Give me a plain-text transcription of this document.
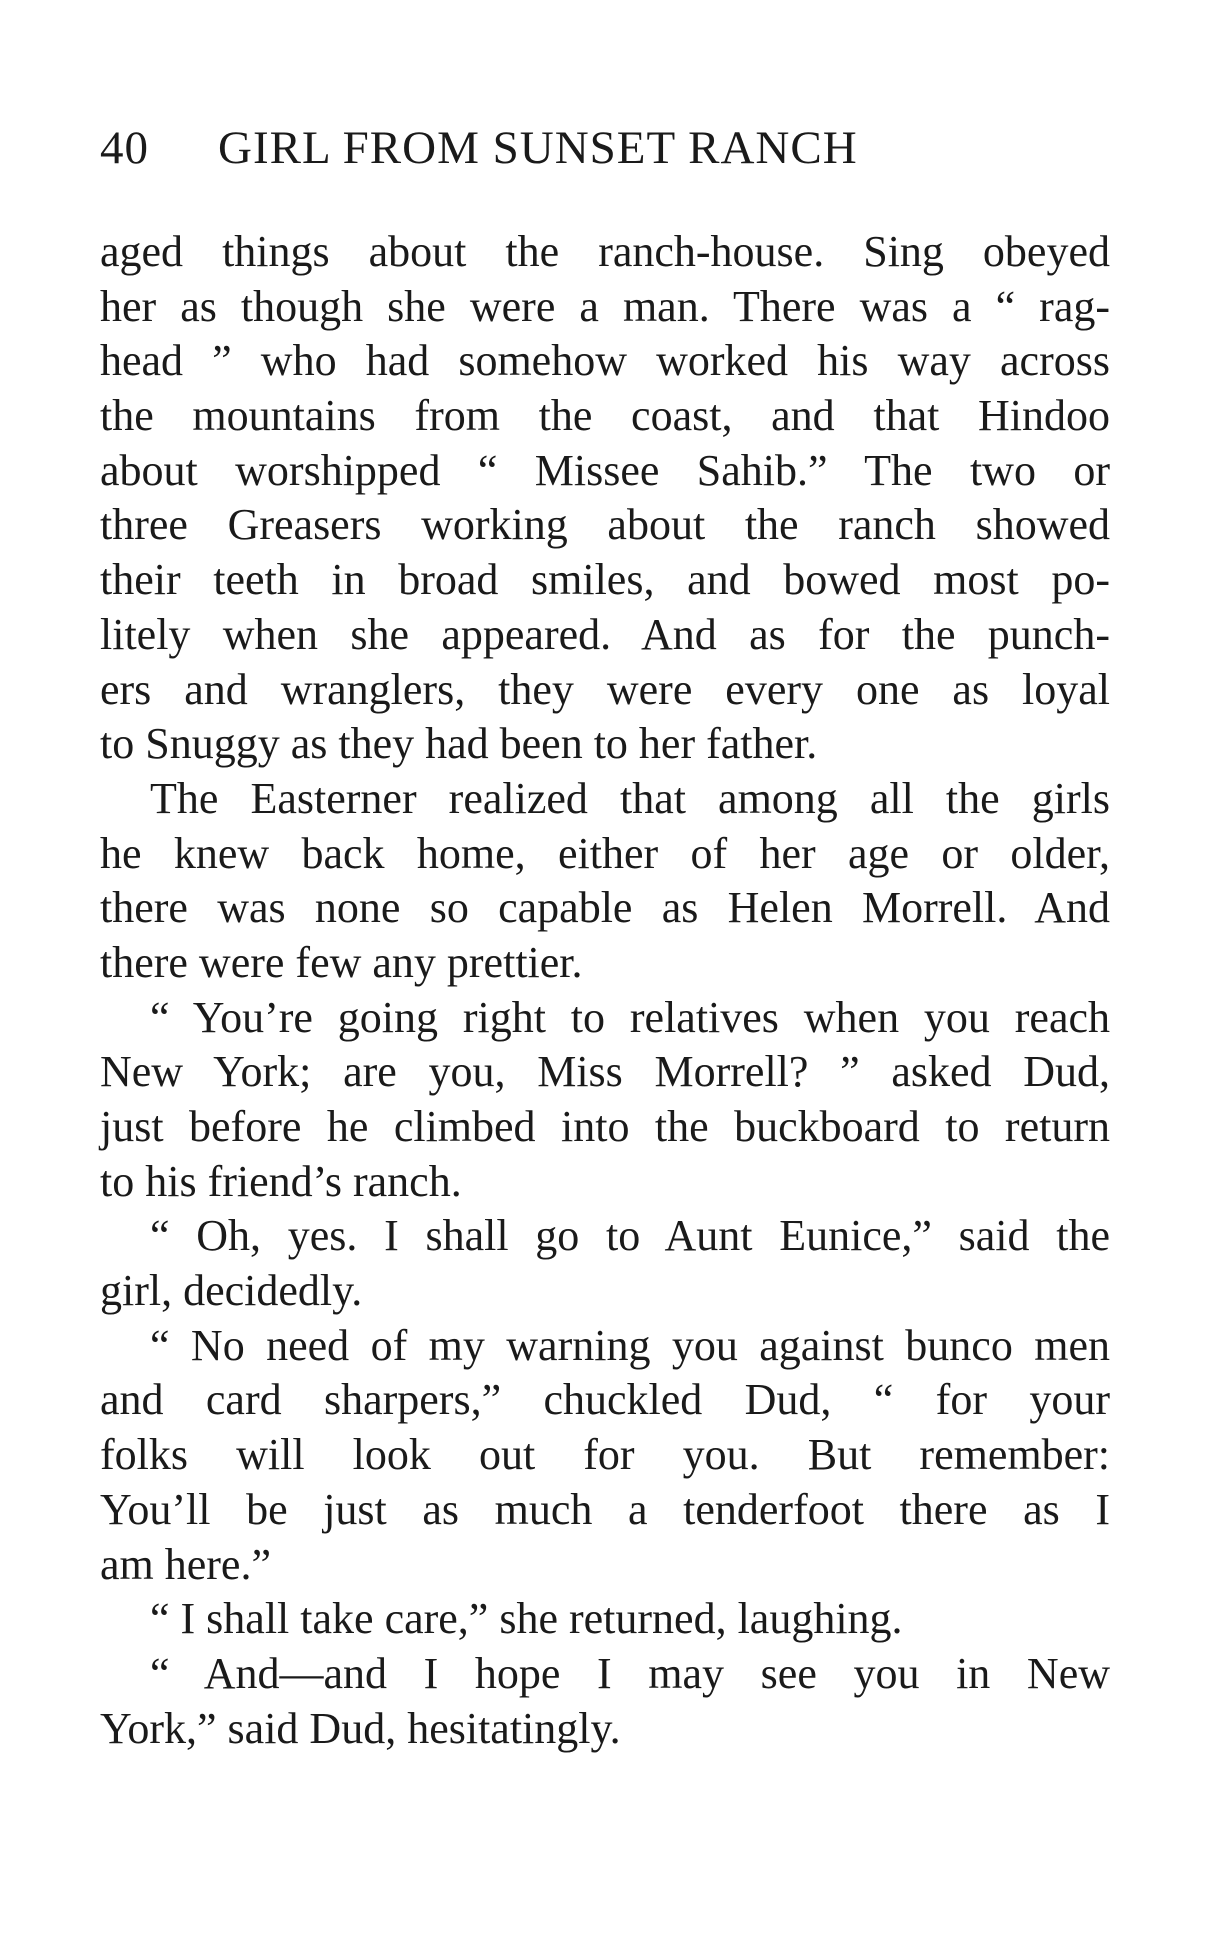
40 GIRL FROM SUNSET RANCH
aged things about the ranch-house. Sing obeyed
her as though she were a man. There was a “ rag-
head ” who had somehow worked his way across
the mountains from the coast, and that Hindoo
about worshipped “ Missee Sahib.” The two or
three Greasers working about the ranch showed
their teeth in broad smiles, and bowed most po-
litely when she appeared. And as for the punch-
ers and wranglers, they were every one as loyal
to Snuggy as they had been to her father.
The Easterner realized that among all the girls
he knew back home, either of her age or older,
there was none so capable as Helen Morrell. And
there were few any prettier.
“ You’re going right to relatives when you reach
New York; are you, Miss Morrell? ” asked Dud,
just before he climbed into the buckboard to return
to his friend’s ranch.
“ Oh, yes. I shall go to Aunt Eunice,” said the
girl, decidedly.
“ No need of my warning you against bunco men
and card sharpers,” chuckled Dud, “ for your
folks will look out for you. But remember:
You’ll be just as much a tenderfoot there as I
am here.”
“ I shall take care,” she returned, laughing.
“ And—and I hope I may see you in New
York,” said Dud, hesitatingly.
